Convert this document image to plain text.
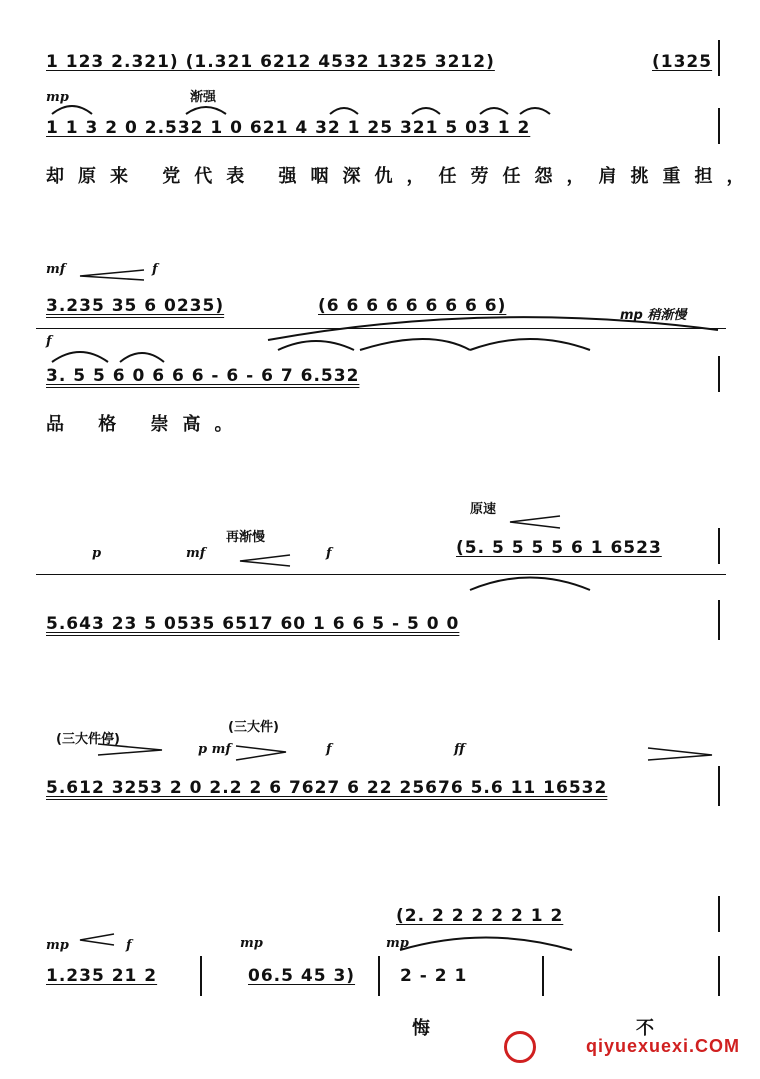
1 123 2.321) (1.321 6212 4532 1325 3212)	(1325
mp	渐强
1 1 3 2 0 2.532 1 0 621 4 32 1 25 321 5 03 1 2
却原来 党代表 强咽深仇，任劳任怨，肩挑重担，
mf	f
3.235 35 6 0235)	(6 6 6 6 6 6 6 6 6)	mp 稍渐慢
f
3. 5 5 6 0 6 6 6 - 6 - 6 7 6.532
品 格 崇高。
原速
再渐慢
p	mf	f	(5. 5 5 5 5 6 1 6523
5.643 23 5 0535 6517 60 1 6 6 5 - 5 0 0
(三大件停)
(三大件)
p mf	f	ff
5.612 3253 2 0 2.2 2 6 7627 6 22 25676 5.6 11 16532
(2. 2 2 2 2 2 1 2
mp	f	mp	mp
1.235 21 2	06.5 45 3)	2 - 2 1
悔	不
qiyuexuexi.COM
